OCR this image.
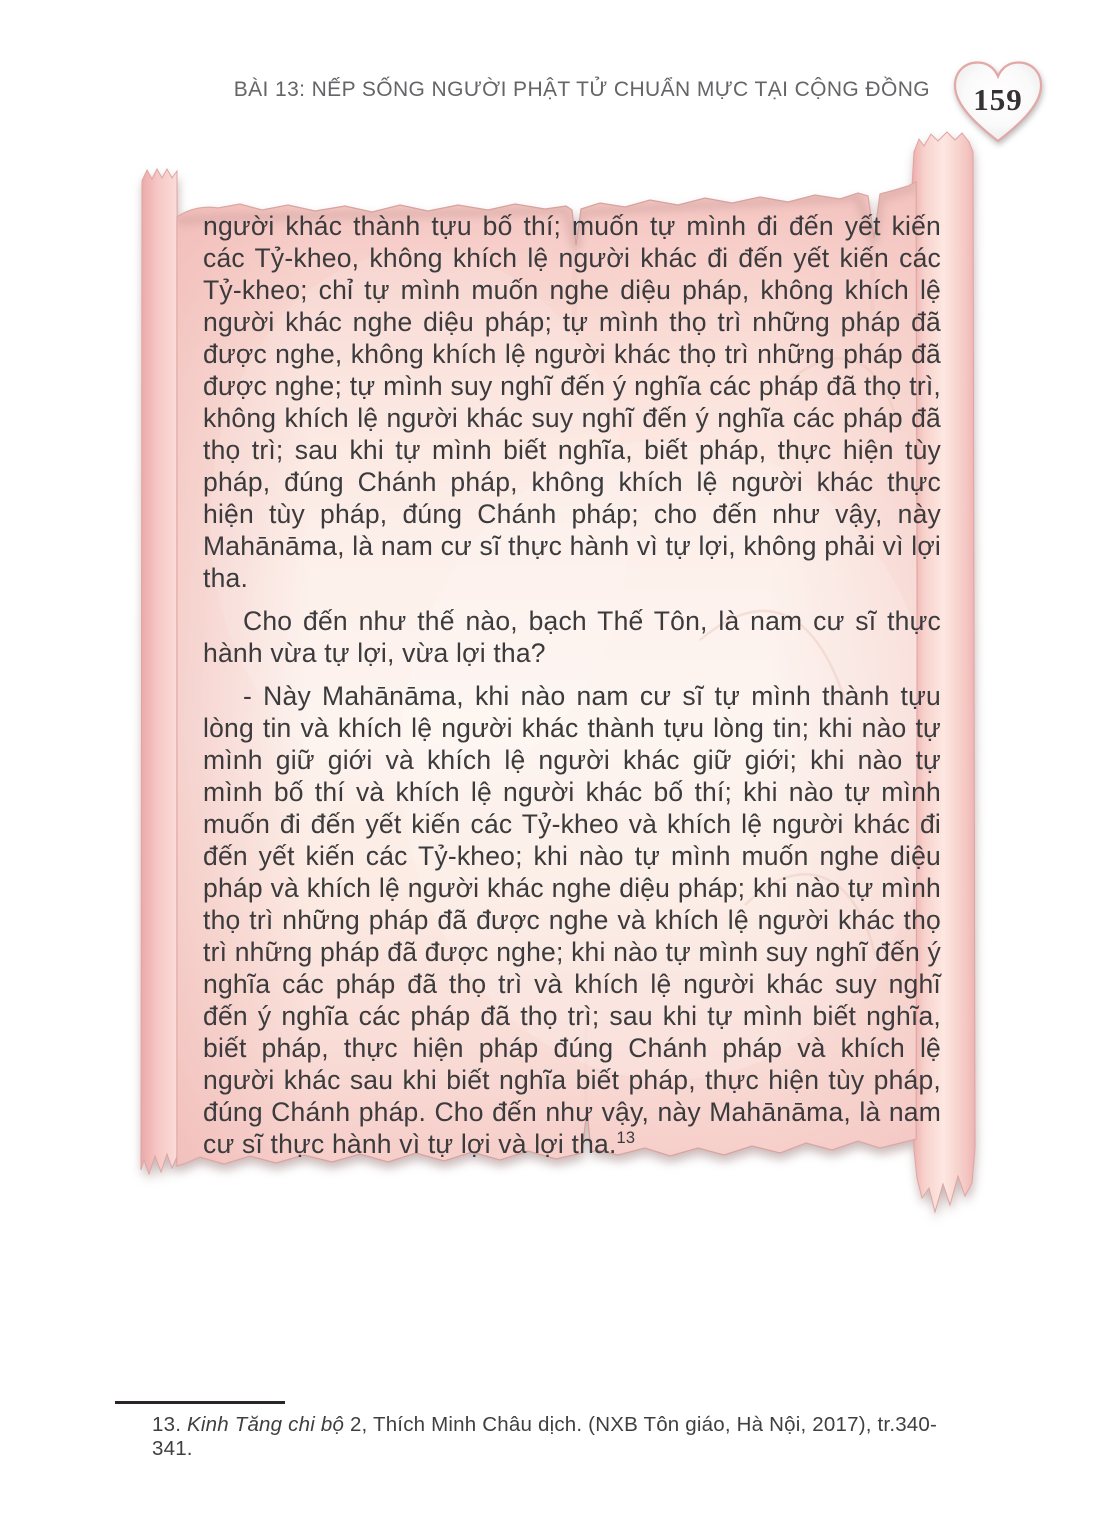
BÀI 13: NẾP SỐNG NGƯỜI PHẬT TỬ CHUẨN MỰC TẠI CỘNG ĐỒNG 159

người khác thành tựu bố thí; muốn tự mình đi đến yết kiến các Tỷ-kheo, không khích lệ người khác đi đến yết kiến các Tỷ-kheo; chỉ tự mình muốn nghe diệu pháp, không khích lệ người khác nghe diệu pháp; tự mình thọ trì những pháp đã được nghe, không khích lệ người khác thọ trì những pháp đã được nghe; tự mình suy nghĩ đến ý nghĩa các pháp đã thọ trì, không khích lệ người khác suy nghĩ đến ý nghĩa các pháp đã thọ trì; sau khi tự mình biết nghĩa, biết pháp, thực hiện tùy pháp, đúng Chánh pháp, không khích lệ người khác thực hiện tùy pháp, đúng Chánh pháp; cho đến như vậy, này Mahānāma, là nam cư sĩ thực hành vì tự lợi, không phải vì lợi tha.

Cho đến như thế nào, bạch Thế Tôn, là nam cư sĩ thực hành vừa tự lợi, vừa lợi tha?

- Này Mahānāma, khi nào nam cư sĩ tự mình thành tựu lòng tin và khích lệ người khác thành tựu lòng tin; khi nào tự mình giữ giới và khích lệ người khác giữ giới; khi nào tự mình bố thí và khích lệ người khác bố thí; khi nào tự mình muốn đi đến yết kiến các Tỷ-kheo và khích lệ người khác đi đến yết kiến các Tỷ-kheo; khi nào tự mình muốn nghe diệu pháp và khích lệ người khác nghe diệu pháp; khi nào tự mình thọ trì những pháp đã được nghe và khích lệ người khác thọ trì những pháp đã được nghe; khi nào tự mình suy nghĩ đến ý nghĩa các pháp đã thọ trì và khích lệ người khác suy nghĩ đến ý nghĩa các pháp đã thọ trì; sau khi tự mình biết nghĩa, biết pháp, thực hiện pháp đúng Chánh pháp và khích lệ người khác sau khi biết nghĩa biết pháp, thực hiện tùy pháp, đúng Chánh pháp. Cho đến như vậy, này Mahānāma, là nam cư sĩ thực hành vì tự lợi và lợi tha.$^{13}$

13. Kinh Tăng chi bộ 2, Thích Minh Châu dịch. (NXB Tôn giáo, Hà Nội, 2017), tr.340-341.
